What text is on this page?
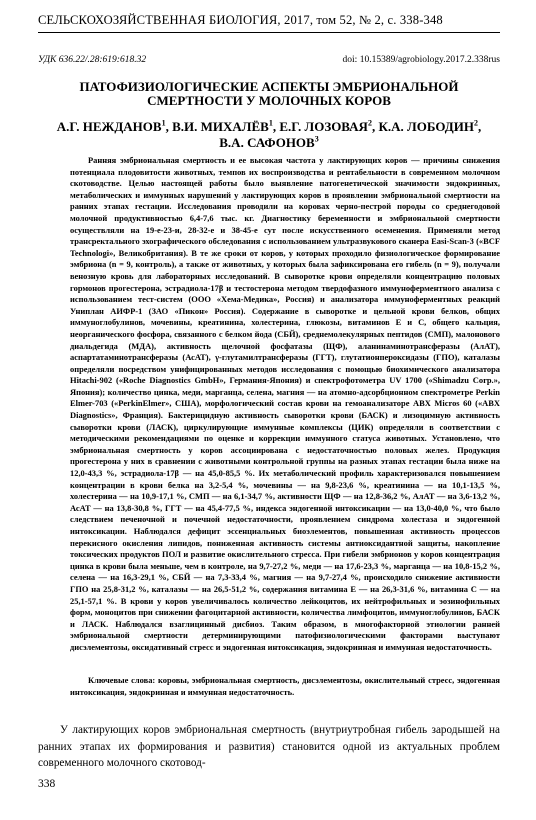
СЕЛЬСКОХОЗЯЙСТВЕННАЯ БИОЛОГИЯ, 2017, том 52, № 2, с. 338-348
УДК 636.22/.28:619:618.32	doi: 10.15389/agrobiology.2017.2.338rus
ПАТОФИЗИОЛОГИЧЕСКИЕ АСПЕКТЫ ЭМБРИОНАЛЬНОЙ
СМЕРТНОСТИ У МОЛОЧНЫХ КОРОВ
А.Г. НЕЖДАНОВ$^1$, В.И. МИХАЛЁВ$^1$, Е.Г. ЛОЗОВАЯ$^2$, К.А. ЛОБОДИН$^2$,
В.А. САФОНОВ$^3$

Ранняя эмбриональная смертность и ее высокая частота у лактирующих коров — причины снижения потенциала плодовитости животных, темпов их воспроизводства и рентабельности в современном молочном скотоводстве. Целью настоящей работы было выявление патогенетической значимости эндокринных, метаболических и иммунных нарушений у лактирующих коров в проявлении эмбриональной смертности на ранних этапах гестации. Исследования проводили на коровах черно-пестрой породы со среднегодовой молочной продуктивностью 6,4-7,6 тыс. кг. Диагностику беременности и эмбриональной смертности осуществляли на 19-е-23-и, 28-32-е и 38-45-е сут после искусственного осеменения. Применяли метод трансректального эхографического обследования с использованием ультразвукового сканера Easi-Scan-3 («BCF Technologi», Великобритания). В те же сроки от коров, у которых проходило физиологическое формирование эмбриона (n = 9, контроль), а также от животных, у которых была зафиксирована его гибель (n = 9), получали венозную кровь для лабораторных исследований. В сыворотке крови определяли концентрацию половых гормонов прогестерона, эстрадиола-17β и тестостерона методом твердофазного иммуноферментного анализа с использованием тест-систем (ООО «Хема-Медика», Россия) и анализатора иммуноферментных реакций Униплан АИФР-1 (ЗАО «Пикон» Россия). Содержание в сыворотке и цельной крови белков, общих иммуноглобулинов, мочевины, креатинина, холестерина, глюкозы, витаминов Е и С, общего кальция, неорганического фосфора, связанного с белком йода (СБЙ), среднемолекулярных пептидов (СМП), малонового диальдегида (МДА), активность щелочной фосфатазы (ЩФ), аланинаминотрансферазы (АлАТ), аспартатаминотрансферазы (АсАТ), γ-глутамилтрансферазы (ГГТ), глутатионпероксидазы (ГПО), каталазы определяли посредством унифицированных методов исследования с помощью биохимического анализатора Hitachi-902 («Roche Diagnostics GmbH», Германия-Япония) и спектрофотометра UV 1700 («Shimadzu Corp.», Япония); количество цинка, меди, марганца, селена, магния — на атомно-адсорбционном спектрометре Perkin Elmer-703 («PerkinElmer», США), морфологический состав крови на гемоанализаторе ABX Micros 60 («ABX Diagnostics», Франция). Бактерицидную активность сыворотки крови (БАСК) и лизоцимную активность сыворотки крови (ЛАСК), циркулирующие иммунные комплексы (ЦИК) определяли в соответствии с методическими рекомендациями по оценке и коррекции иммунного статуса животных. Установлено, что эмбриональная смертность у коров ассоциирована с недостаточностью половых желез. Продукция прогестерона у них в сравнении с животными контрольной группы на разных этапах гестации была ниже на 12,0-43,3 %, эстрадиола-17β — на 45,0-85,5 %. Их метаболический профиль характеризовался повышением концентрации в крови белка на 3,2-5,4 %, мочевины — на 9,8-23,6 %, креатинина — на 10,1-13,5 %, холестерина — на 10,9-17,1 %, СМП — на 6,1-34,7 %, активности ЩФ — на 12,8-36,2 %, АлАТ — на 3,6-13,2 %, АсАТ — на 13,8-30,8 %, ГГТ — на 45,4-77,5 %, индекса эндогенной интоксикации — на 13,0-40,0 %, что было следствием печеночной и почечной недостаточности, проявлением синдрома холестаза и эндогенной интоксикации. Наблюдался дефицит эссенциальных биоэлементов, повышенная активность процессов перекисного окисления липидов, пониженная активность системы антиоксидантной защиты, накопление токсических продуктов ПОЛ и развитие окислительного стресса. При гибели эмбрионов у коров концентрация цинка в крови была меньше, чем в контроле, на 9,7-27,2 %, меди — на 17,6-23,3 %, марганца — на 10,8-15,2 %, селена — на 16,3-29,1 %, СБЙ — на 7,3-33,4 %, магния — на 9,7-27,4 %, происходило снижение активности ГПО на 25,8-31,2 %, каталазы — на 26,5-51,2 %, содержания витамина Е — на 26,3-31,6 %, витамина С — на 25,1-57,1 %. В крови у коров увеличивалось количество лейкоцитов, их нейтрофильных и эозинофильных форм, моноцитов при снижении фагоцитарной активности, количества лимфоцитов, иммуноглобулинов, БАСК и ЛАСК. Наблюдался взаглицинный дисбиоз. Таким образом, в многофакторной этиологии ранней эмбриональной смертности детерминирующими патофизиологическими факторами выступают дисэлементозы, оксидативный стресс и эндогенная интоксикация, эндокринная и иммунная недостаточность.

Ключевые слова: коровы, эмбриональная смертность, дисэлементозы, окислительный стресс, эндогенная интоксикация, эндокринная и иммунная недостаточность.

У лактирующих коров эмбриональная смертность (внутриутробная гибель зародышей на ранних этапах их формирования и развития) становится одной из актуальных проблем современного молочного скотовод-

338
